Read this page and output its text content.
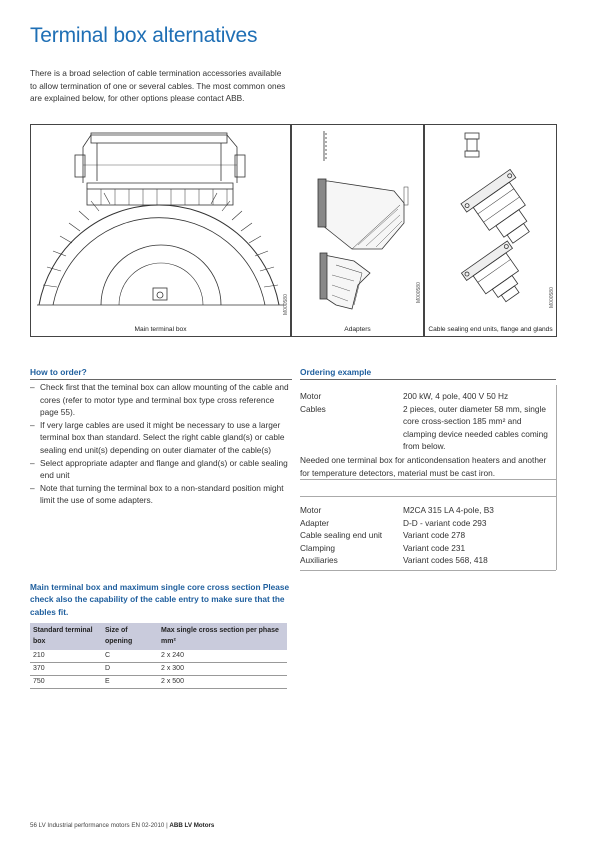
Terminal box alternatives
There is a broad selection of cable termination accessories available to allow termination of one or several cables. The most common ones are explained below, for other options please contact ABB.
M000580
Main terminal box
M000580
Adapters
M000580
Cable sealing end units, flange and glands
How to order?
– Check first that the teminal box can allow mounting of the cable and cores (refer to motor type and terminal box type cross reference page 55).
– If very large cables are used it might be necessary to use a larger terminal box than standard. Select the right cable gland(s) or cable sealing end unit(s) depending on outer diamater of the cable(s)
– Select appropriate adapter and flange and gland(s) or cable sealing end unit
– Note that turning the terminal box to a non-standard position might limit the use of some adapters.
Ordering example
Motor	200 kW, 4 pole, 400 V 50 Hz
Cables	2 pieces, outer diameter 58 mm, single core cross-section 185 mm² and clamping device needed cables coming from below.
Needed one terminal box for anticondensation heaters and another for temperature detectors, material must be cast iron.
Motor	M2CA 315 LA 4-pole, B3
Adapter	D-D - variant code 293
Cable sealing end unit	Variant code 278
Clamping	Variant code 231
Auxiliaries	Variant codes 568, 418
Main terminal box and maximum single core cross section Please check also the capability of the cable entry to make sure that the cables fit.
Standard terminal box	Size of opening	Max single cross section per phase mm²
210	C	2 x 240
370	D	2 x 300
750	E	2 x 500
56 LV Industrial performance motors EN 02-2010 | ABB LV Motors
